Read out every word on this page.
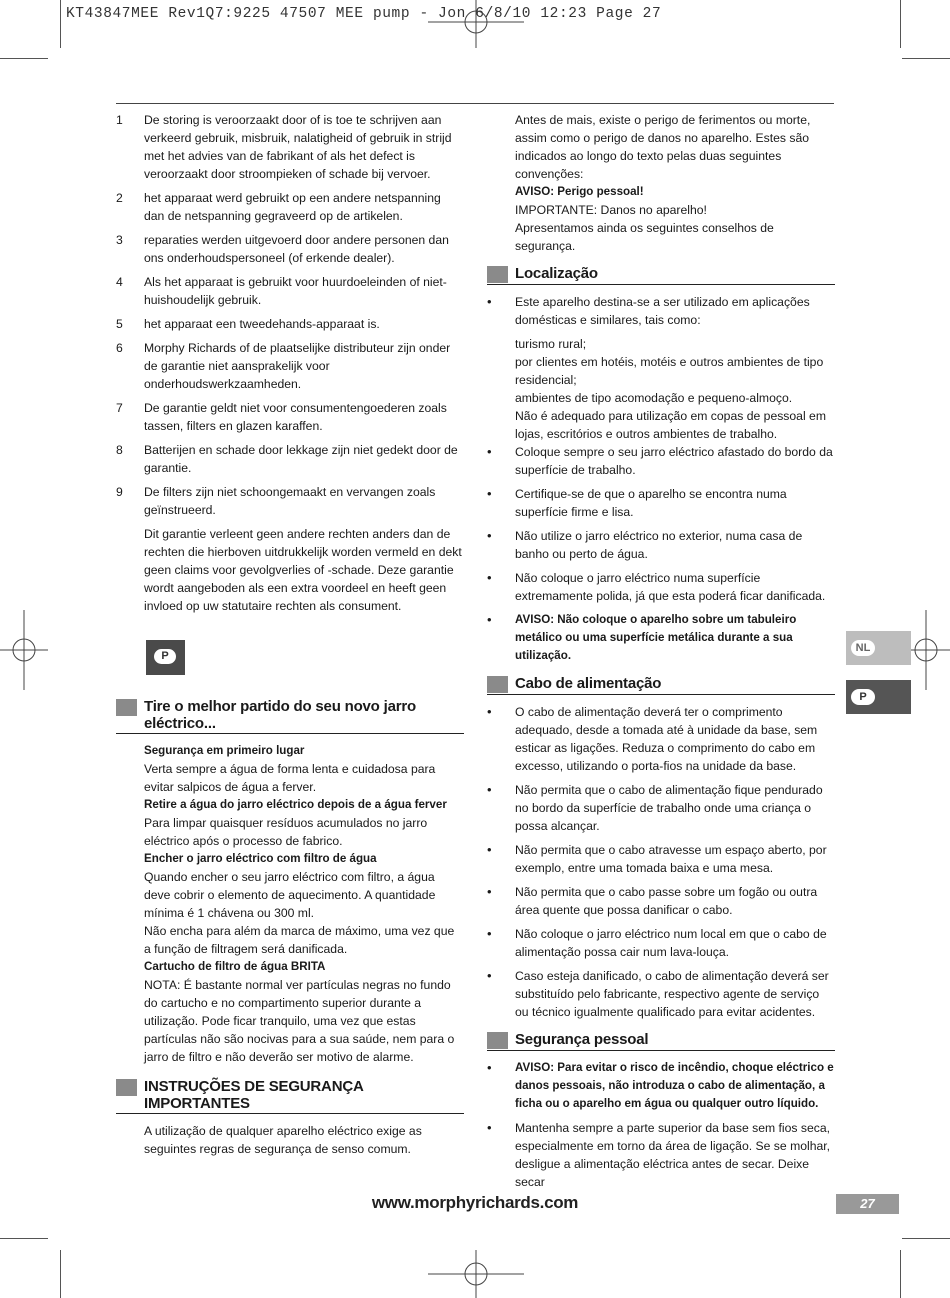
KT43847MEE Rev1Q7:9225 47507 MEE pump - Jon 6/8/10 12:23 Page 27
1	De storing is veroorzaakt door of is toe te schrijven aan verkeerd gebruik, misbruik, nalatigheid of gebruik in strijd met het advies van de fabrikant of als het defect is veroorzaakt door stroompieken of schade bij vervoer.
2	het apparaat werd gebruikt op een andere netspanning dan de netspanning gegraveerd op de artikelen.
3	reparaties werden uitgevoerd door andere personen dan ons onderhoudspersoneel (of erkende dealer).
4	Als het apparaat is gebruikt voor huurdoeleinden of niet-huishoudelijk gebruik.
5	het apparaat een tweedehands-apparaat is.
6	Morphy Richards of de plaatselijke distributeur zijn onder de garantie niet aansprakelijk voor onderhoudswerkzaamheden.
7	De garantie geldt niet voor consumentengoederen zoals tassen, filters en glazen karaffen.
8	Batterijen en schade door lekkage zijn niet gedekt door de garantie.
9	De filters zijn niet schoongemaakt en vervangen zoals geïnstrueerd.

Dit garantie verleent geen andere rechten anders dan de rechten die hierboven uitdrukkelijk worden vermeld en dekt geen claims voor gevolgverlies of -schade. Deze garantie wordt aangeboden als een extra voordeel en heeft geen invloed op uw statutaire rechten als consument.

P
Tire o melhor partido do seu novo jarro eléctrico...

Segurança em primeiro lugar

Verta sempre a água de forma lenta e cuidadosa para evitar salpicos de água a ferver.

Retire a água do jarro eléctrico depois de a água ferver

Para limpar quaisquer resíduos acumulados no jarro eléctrico após o processo de fabrico.

Encher o jarro eléctrico com filtro de água

Quando encher o seu jarro eléctrico com filtro, a água deve cobrir o elemento de aquecimento. A quantidade mínima é 1 chávena ou 300 ml.

Não encha para além da marca de máximo, uma vez que a função de filtragem será danificada.

Cartucho de filtro de água BRITA

NOTA: É bastante normal ver partículas negras no fundo do cartucho e no compartimento superior durante a utilização. Pode ficar tranquilo, uma vez que estas partículas não são nocivas para a sua saúde, nem para o jarro de filtro e não deverão ser motivo de alarme.

INSTRUÇÕES DE SEGURANÇA IMPORTANTES

A utilização de qualquer aparelho eléctrico exige as seguintes regras de segurança de senso comum.

Antes de mais, existe o perigo de ferimentos ou morte, assim como o perigo de danos no aparelho. Estes são indicados ao longo do texto pelas duas seguintes convenções:

AVISO: Perigo pessoal!

IMPORTANTE: Danos no aparelho!

Apresentamos ainda os seguintes conselhos de segurança.

Localização
•	Este aparelho destina-se a ser utilizado em aplicações domésticas e similares, tais como:

turismo rural;

por clientes em hotéis, motéis e outros ambientes de tipo residencial;

ambientes de tipo acomodação e pequeno-almoço.

Não é adequado para utilização em copas de pessoal em lojas, escritórios e outros ambientes de trabalho.

•	Coloque sempre o seu jarro eléctrico afastado do bordo da superfície de trabalho.
•	Certifique-se de que o aparelho se encontra numa superfície firme e lisa.
•	Não utilize o jarro eléctrico no exterior, numa casa de banho ou perto de água.
•	Não coloque o jarro eléctrico numa superfície extremamente polida, já que esta poderá ficar danificada.
•	AVISO: Não coloque o aparelho sobre um tabuleiro metálico ou uma superfície metálica durante a sua utilização.
Cabo de alimentação
•	O cabo de alimentação deverá ter o comprimento adequado, desde a tomada até à unidade da base, sem esticar as ligações. Reduza o comprimento do cabo em excesso, utilizando o porta-fios na unidade da base.
•	Não permita que o cabo de alimentação fique pendurado no bordo da superfície de trabalho onde uma criança o possa alcançar.
•	Não permita que o cabo atravesse um espaço aberto, por exemplo, entre uma tomada baixa e uma mesa.
•	Não permita que o cabo passe sobre um fogão ou outra área quente que possa danificar o cabo.
•	Não coloque o jarro eléctrico num local em que o cabo de alimentação possa cair num lava-louça.
•	Caso esteja danificado, o cabo de alimentação deverá ser substituído pelo fabricante, respectivo agente de serviço ou técnico igualmente qualificado para evitar acidentes.
Segurança pessoal
•	AVISO: Para evitar o risco de incêndio, choque eléctrico e danos pessoais, não introduza o cabo de alimentação, a ficha ou o aparelho em água ou qualquer outro líquido.
•	Mantenha sempre a parte superior da base sem fios seca, especialmente em torno da área de ligação. Se se molhar, desligue a alimentação eléctrica antes de secar. Deixe secar
NL
P
www.morphyrichards.com	27
